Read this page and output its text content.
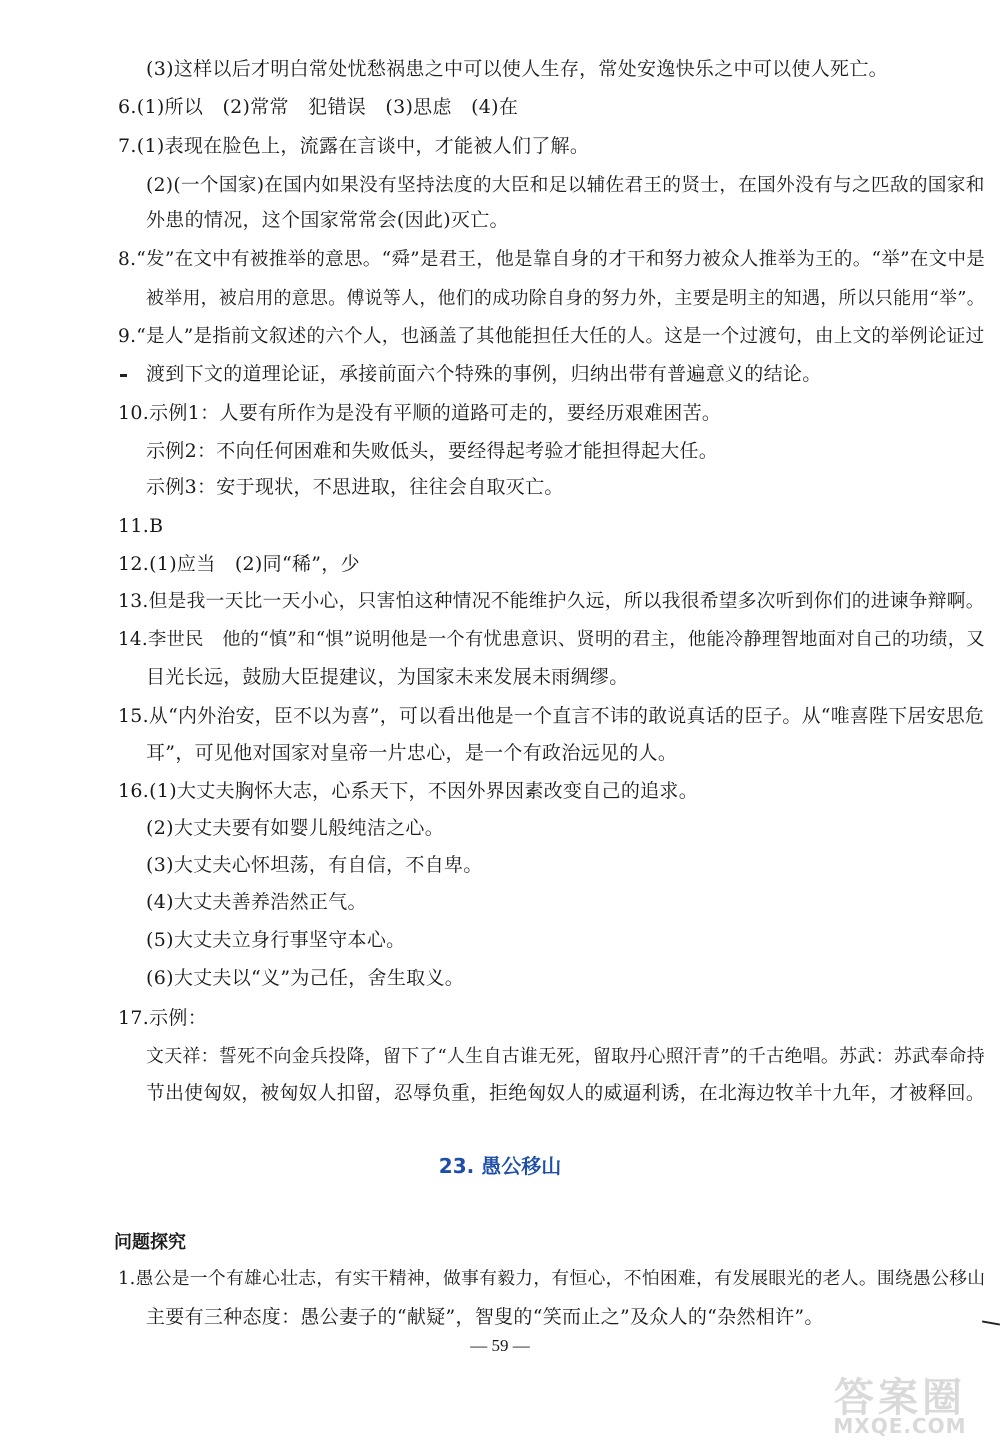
(3)这样以后才明白常处忧愁祸患之中可以使人生存，常处安逸快乐之中可以使人死亡。
6.(1)所以　(2)常常　犯错误　(3)思虑　(4)在
7.(1)表现在脸色上，流露在言谈中，才能被人们了解。
(2)(一个国家)在国内如果没有坚持法度的大臣和足以辅佐君王的贤士，在国外没有与之匹敌的国家和
外患的情况，这个国家常常会(因此)灭亡。
8.“发”在文中有被推举的意思。“舜”是君王，他是靠自身的才干和努力被众人推举为王的。“举”在文中是
被举用，被启用的意思。傅说等人，他们的成功除自身的努力外，主要是明主的知遇，所以只能用“举”。
9.“是人”是指前文叙述的六个人，也涵盖了其他能担任大任的人。这是一个过渡句，由上文的举例论证过
渡到下文的道理论证，承接前面六个特殊的事例，归纳出带有普遍意义的结论。
10.示例1：人要有所作为是没有平顺的道路可走的，要经历艰难困苦。
示例2：不向任何困难和失败低头，要经得起考验才能担得起大任。
示例3：安于现状，不思进取，往往会自取灭亡。
11.B
12.(1)应当　(2)同“稀”，少
13.但是我一天比一天小心，只害怕这种情况不能维护久远，所以我很希望多次听到你们的进谏争辩啊。
14.李世民　他的“慎”和“惧”说明他是一个有忧患意识、贤明的君主，他能冷静理智地面对自己的功绩，又
目光长远，鼓励大臣提建议，为国家未来发展未雨绸缪。
15.从“内外治安，臣不以为喜”，可以看出他是一个直言不讳的敢说真话的臣子。从“唯喜陛下居安思危
耳”，可见他对国家对皇帝一片忠心，是一个有政治远见的人。
16.(1)大丈夫胸怀大志，心系天下，不因外界因素改变自己的追求。
(2)大丈夫要有如婴儿般纯洁之心。
(3)大丈夫心怀坦荡，有自信，不自卑。
(4)大丈夫善养浩然正气。
(5)大丈夫立身行事坚守本心。
(6)大丈夫以“义”为己任，舍生取义。
17.示例：
文天祥：誓死不向金兵投降，留下了“人生自古谁无死，留取丹心照汗青”的千古绝唱。苏武：苏武奉命持
节出使匈奴，被匈奴人扣留，忍辱负重，拒绝匈奴人的威逼利诱，在北海边牧羊十九年，才被释回。
23. 愚公移山
问题探究
1.愚公是一个有雄心壮志，有实干精神，做事有毅力，有恒心，不怕困难，有发展眼光的老人。围绕愚公移山
主要有三种态度：愚公妻子的“献疑”，智叟的“笑而止之”及众人的“杂然相许”。
— 59 —
答案圈
MXQE.COM
